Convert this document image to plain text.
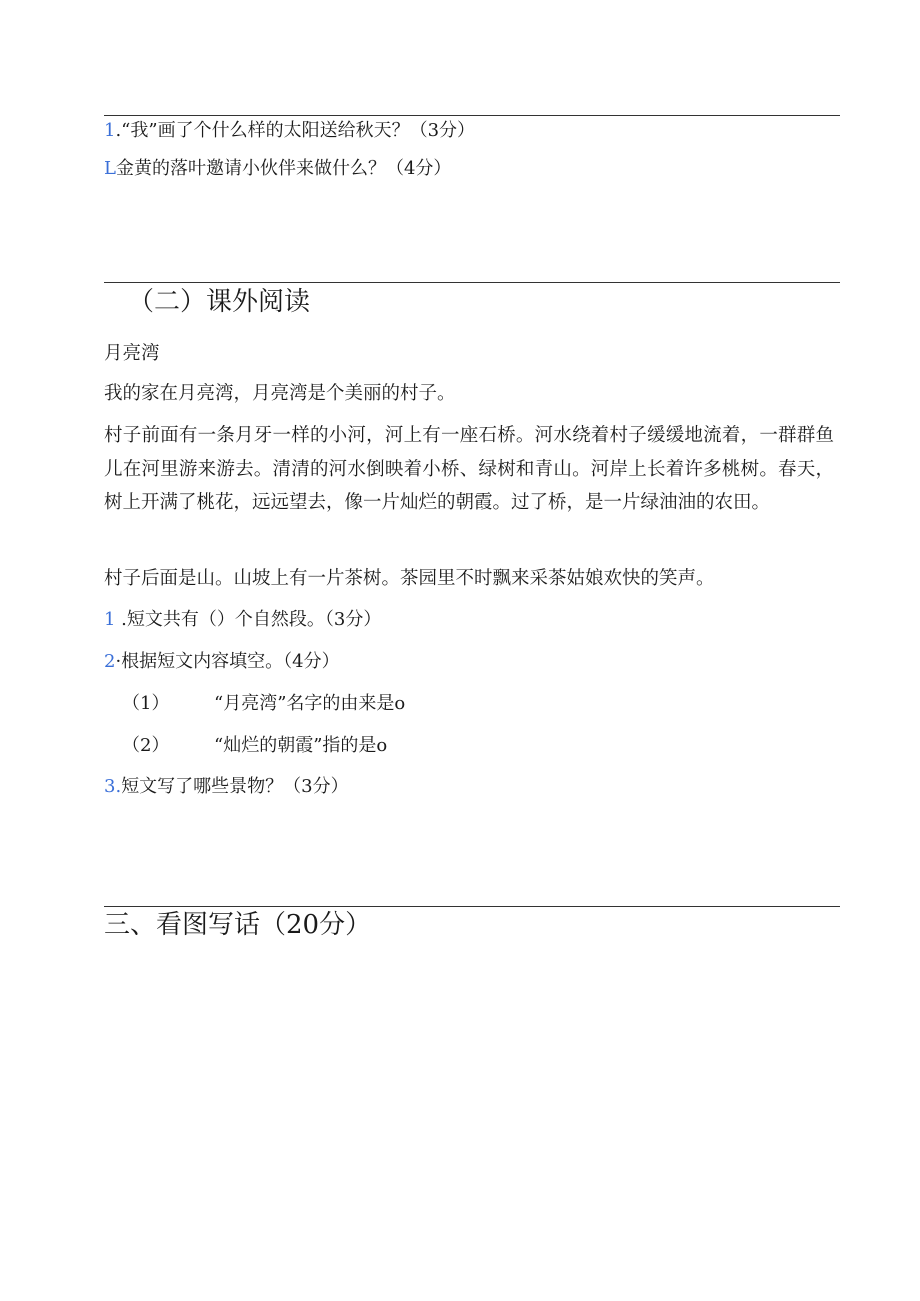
1.“我”画了个什么样的太阳送给秋天？（3分）
L金黄的落叶邀请小伙伴来做什么？（4分）
（二）课外阅读
月亮湾
我的家在月亮湾，月亮湾是个美丽的村子。
村子前面有一条月牙一样的小河，河上有一座石桥。河水绕着村子缓缓地流着，一群群鱼儿在河里游来游去。清清的河水倒映着小桥、绿树和青山。河岸上长着许多桃树。春天，树上开满了桃花，远远望去，像一片灿烂的朝霞。过了桥，是一片绿油油的农田。
村子后面是山。山坡上有一片茶树。茶园里不时飘来采茶姑娘欢快的笑声。
1 .短文共有（）个自然段。（3分）
2·根据短文内容填空。（4分）
（1） “月亮湾”名字的由来是o
（2） “灿烂的朝霞”指的是o
3.短文写了哪些景物？（3分）
三、看图写话（20分）
